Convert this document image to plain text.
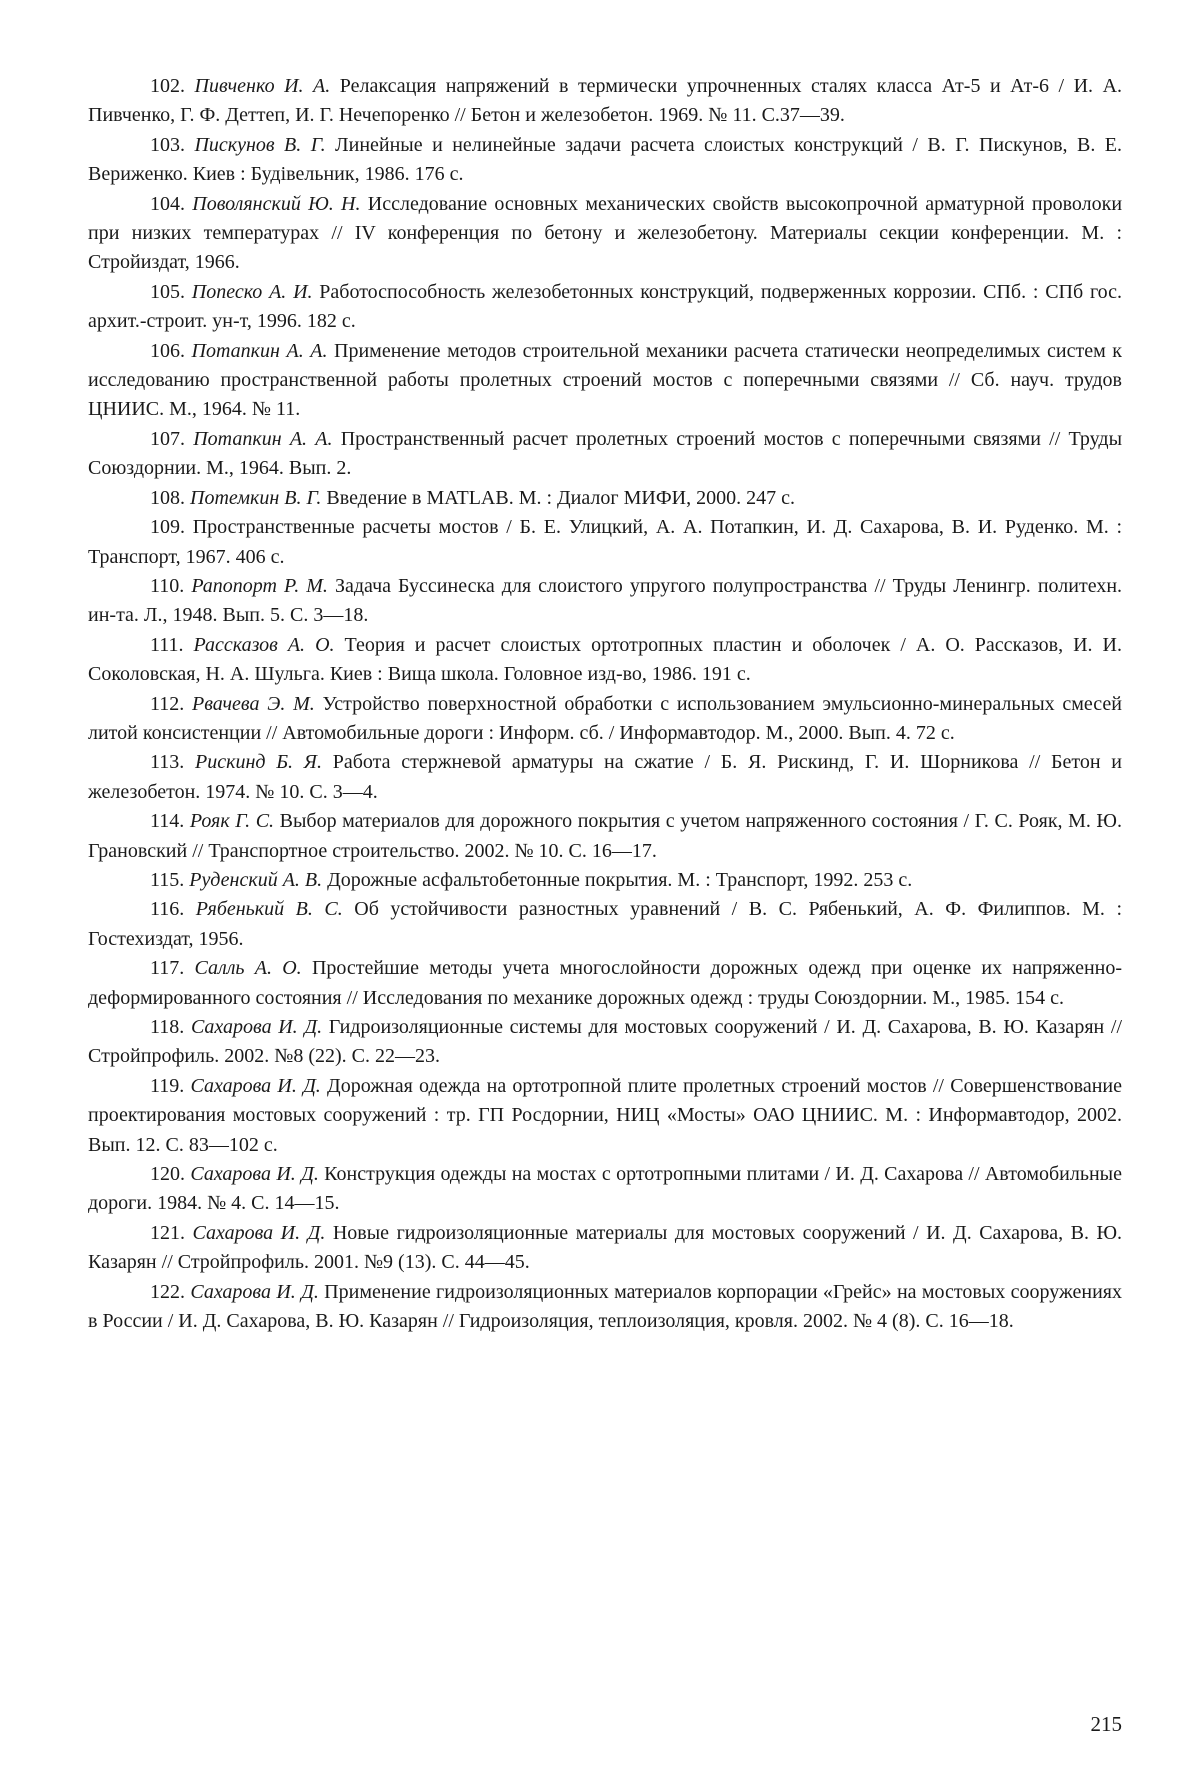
102. Пивченко И. А. Релаксация напряжений в термически упрочненных сталях класса Ат-5 и Ат-6 / И. А. Пивченко, Г. Ф. Деттеп, И. Г. Нечепоренко // Бетон и железобетон. 1969. № 11. С.37—39.

103. Пискунов В. Г. Линейные и нелинейные задачи расчета слоистых конструкций / В. Г. Пискунов, В. Е. Вериженко. Киев : Будівельник, 1986. 176 с.

104. Поволянский Ю. Н. Исследование основных механических свойств высокопрочной арматурной проволоки при низких температурах // IV конференция по бетону и железобетону. Материалы секции конференции. М. : Стройиздат, 1966.

105. Попеско А. И. Работоспособность железобетонных конструкций, подверженных коррозии. СПб. : СПб гос. архит.-строит. ун-т, 1996. 182 с.

106. Потапкин А. А. Применение методов строительной механики расчета статически неопределимых систем к исследованию пространственной работы пролетных строений мостов с поперечными связями // Сб. науч. трудов ЦНИИС. М., 1964. № 11.

107. Потапкин А. А. Пространственный расчет пролетных строений мостов с поперечными связями // Труды Союздорнии. М., 1964. Вып. 2.

108. Потемкин В. Г. Введение в MATLAB. М. : Диалог МИФИ, 2000. 247 с.

109. Пространственные расчеты мостов / Б. Е. Улицкий, А. А. Потапкин, И. Д. Сахарова, В. И. Руденко. М. : Транспорт, 1967. 406 с.

110. Рапопорт Р. М. Задача Буссинеска для слоистого упругого полупространства // Труды Ленингр. политехн. ин-та. Л., 1948. Вып. 5. С. 3—18.

111. Рассказов А. О. Теория и расчет слоистых ортотропных пластин и оболочек / А. О. Рассказов, И. И. Соколовская, Н. А. Шульга. Киев : Вища школа. Головное изд-во, 1986. 191 с.

112. Рвачева Э. М. Устройство поверхностной обработки с использованием эмульсионно-минеральных смесей литой консистенции // Автомобильные дороги : Информ. сб. / Информавтодор. М., 2000. Вып. 4. 72 с.

113. Рискинд Б. Я. Работа стержневой арматуры на сжатие / Б. Я. Рискинд, Г. И. Шорникова // Бетон и железобетон. 1974. № 10. С. 3—4.

114. Рояк Г. С. Выбор материалов для дорожного покрытия с учетом напряженного состояния / Г. С. Рояк, М. Ю. Грановский // Транспортное строительство. 2002. № 10. С. 16—17.

115. Руденский А. В. Дорожные асфальтобетонные покрытия. М. : Транспорт, 1992. 253 с.

116. Рябенький В. С. Об устойчивости разностных уравнений / В. С. Рябенький, А. Ф. Филиппов. М. : Гостехиздат, 1956.

117. Салль А. О. Простейшие методы учета многослойности дорожных одежд при оценке их напряженно-деформированного состояния // Исследования по механике дорожных одежд : труды Союздорнии. М., 1985. 154 с.

118. Сахарова И. Д. Гидроизоляционные системы для мостовых сооружений / И. Д. Сахарова, В. Ю. Казарян // Стройпрофиль. 2002. №8 (22). С. 22—23.

119. Сахарова И. Д. Дорожная одежда на ортотропной плите пролетных строений мостов // Совершенствование проектирования мостовых сооружений : тр. ГП Росдорнии, НИЦ «Мосты» ОАО ЦНИИС. М. : Информавтодор, 2002. Вып. 12. С. 83—102 с.

120. Сахарова И. Д. Конструкция одежды на мостах с ортотропными плитами / И. Д. Сахарова // Автомобильные дороги. 1984. № 4. С. 14—15.

121. Сахарова И. Д. Новые гидроизоляционные материалы для мостовых сооружений / И. Д. Сахарова, В. Ю. Казарян // Стройпрофиль. 2001. №9 (13). С. 44—45.

122. Сахарова И. Д. Применение гидроизоляционных материалов корпорации «Грейс» на мостовых сооружениях в России / И. Д. Сахарова, В. Ю. Казарян // Гидроизоляция, теплоизоляция, кровля. 2002. № 4 (8). С. 16—18.

215
